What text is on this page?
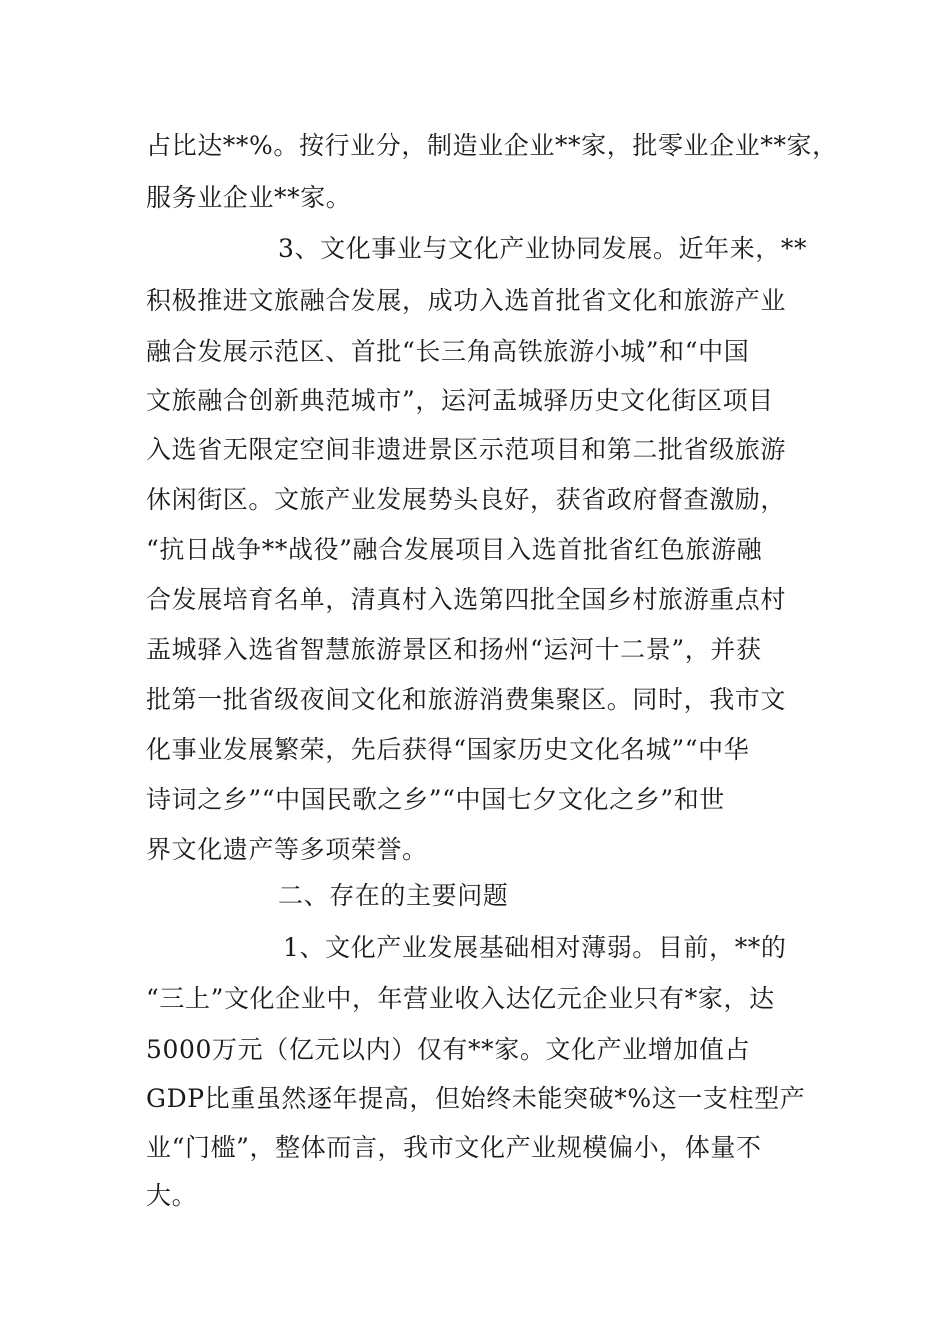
占比达**%。按行业分，制造业企业**家，批零业企业**家，
服务业企业**家。
3、文化事业与文化产业协同发展。近年来，**
积极推进文旅融合发展，成功入选首批省文化和旅游产业
融合发展示范区、首批“长三角高铁旅游小城”和“中国
文旅融合创新典范城市”，运河盂城驿历史文化街区项目
入选省无限定空间非遗进景区示范项目和第二批省级旅游
休闲街区。文旅产业发展势头良好，获省政府督查激励，
“抗日战争**战役”融合发展项目入选首批省红色旅游融
合发展培育名单，清真村入选第四批全国乡村旅游重点村
盂城驿入选省智慧旅游景区和扬州“运河十二景”，并获
批第一批省级夜间文化和旅游消费集聚区。同时，我市文
化事业发展繁荣，先后获得“国家历史文化名城”“中华
诗词之乡”“中国民歌之乡”“中国七夕文化之乡”和世
界文化遗产等多项荣誉。
二、存在的主要问题
1、文化产业发展基础相对薄弱。目前，**的
“三上”文化企业中，年营业收入达亿元企业只有*家，达
5000万元（亿元以内）仅有**家。文化产业增加值占
GDP比重虽然逐年提高，但始终未能突破*%这一支柱型产
业“门槛”，整体而言，我市文化产业规模偏小，体量不
大。
